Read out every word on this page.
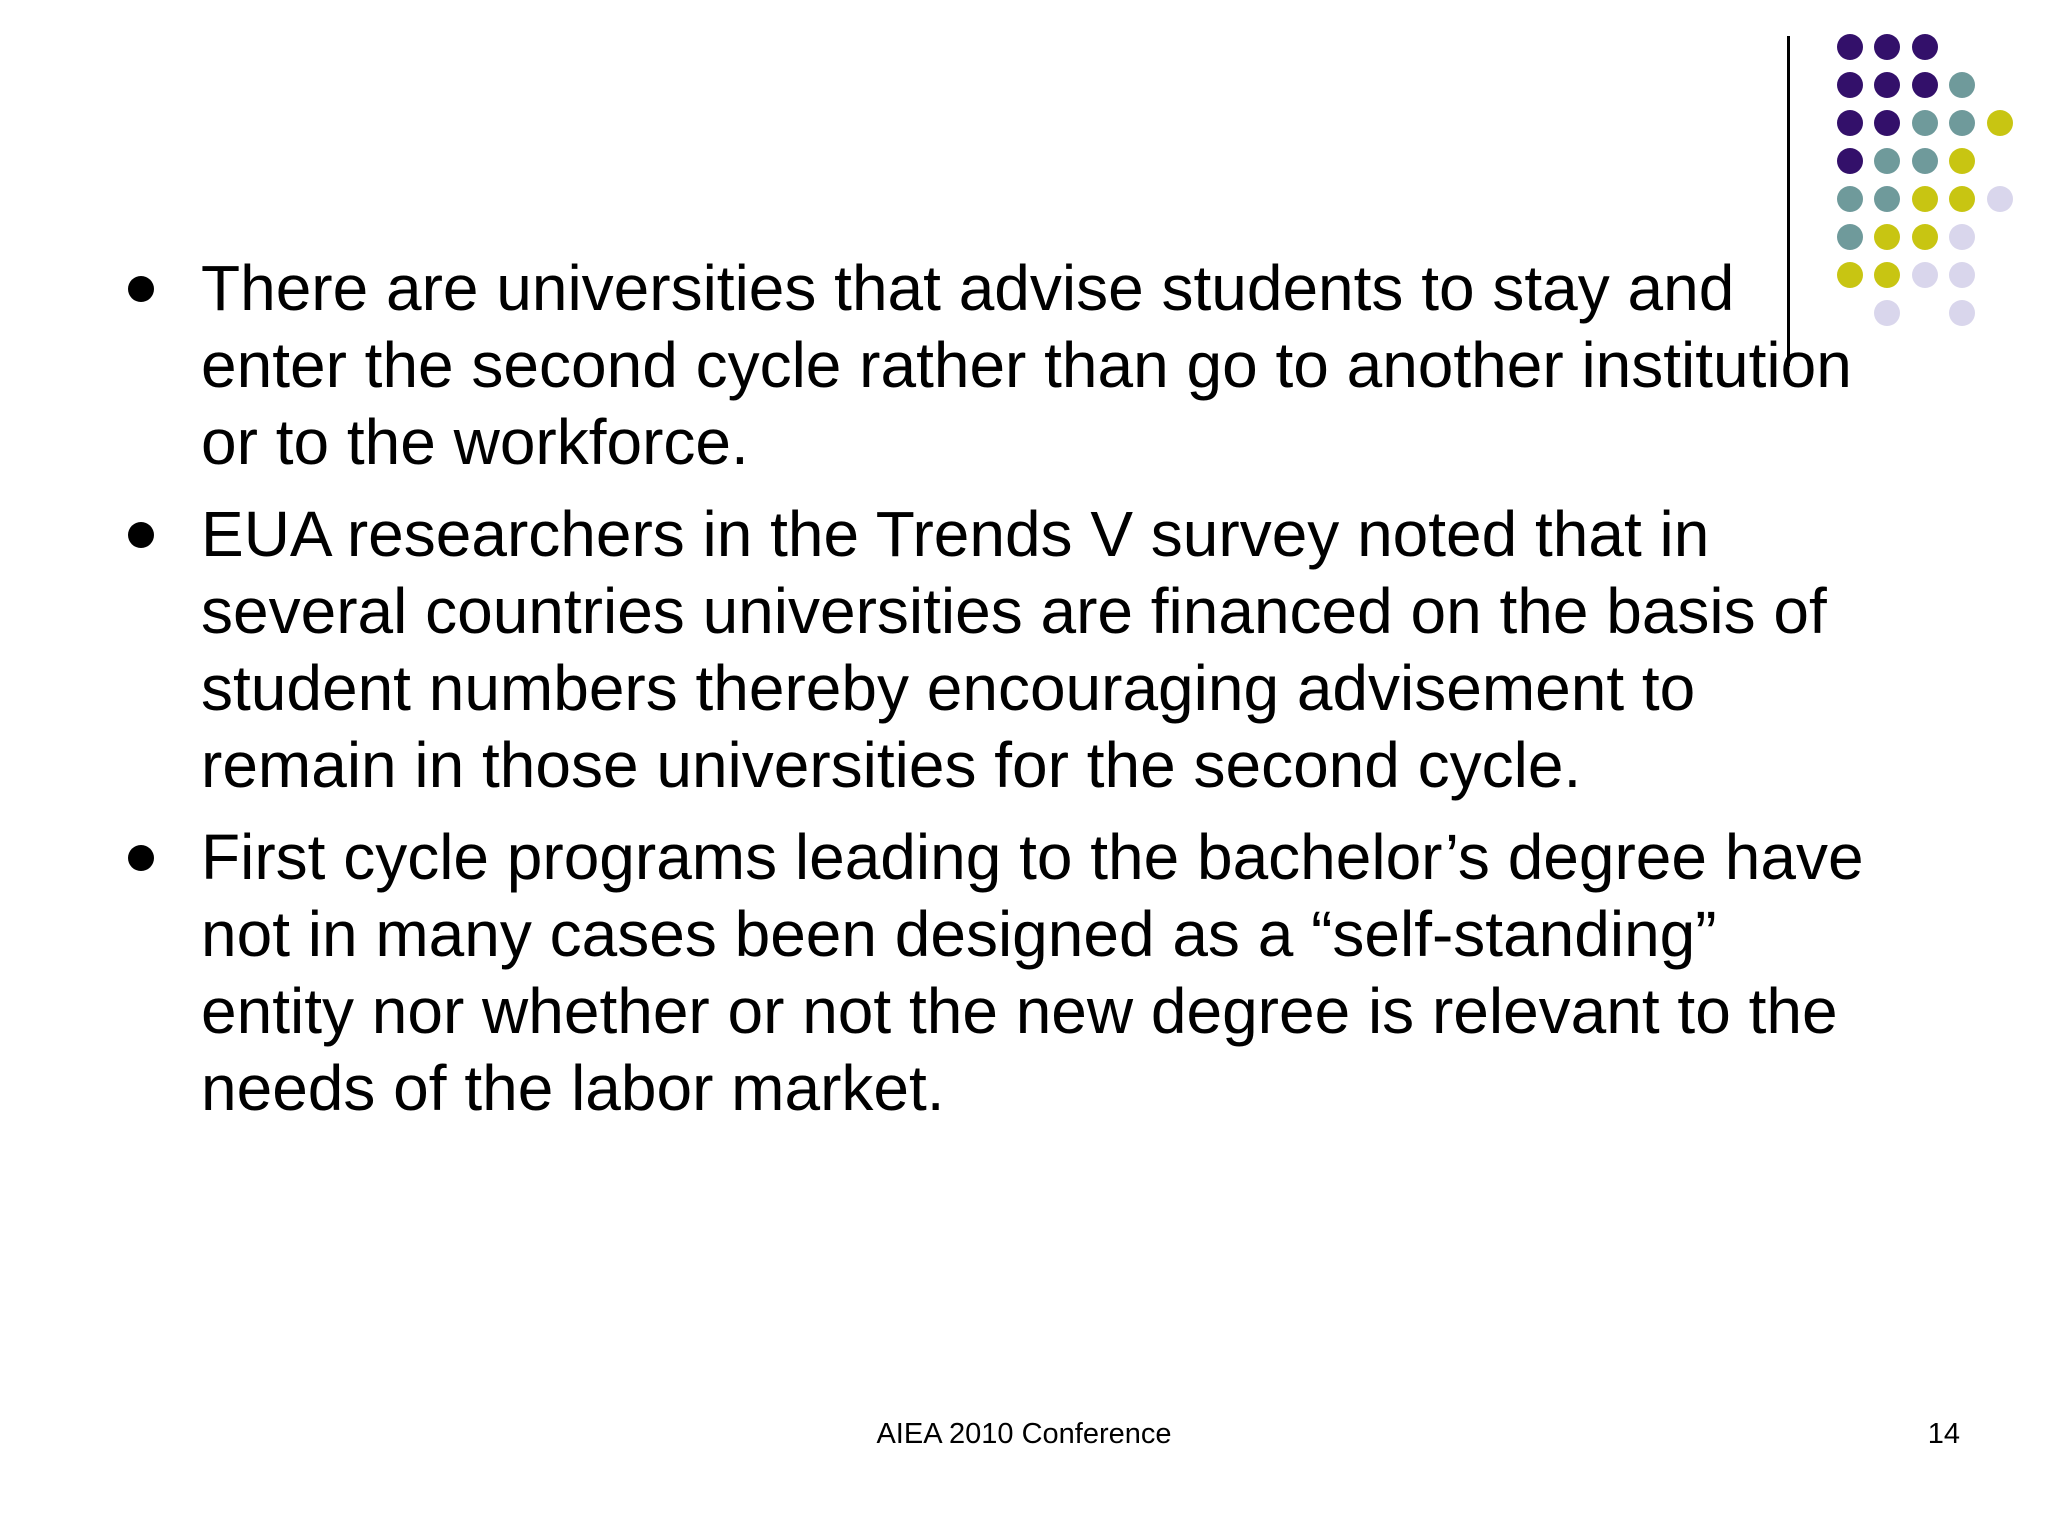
There are universities that advise students to stay and enter the second cycle rather than go to another institution or to the workforce.
EUA researchers in the Trends V survey noted that in several countries universities are financed on the basis of student numbers thereby encouraging advisement to remain in those universities for the second cycle.
First cycle programs leading to the bachelor’s degree have not in many cases been designed as a “self-standing” entity nor whether or not the new degree is relevant to the needs of the labor market.
AIEA 2010 Conference	14
